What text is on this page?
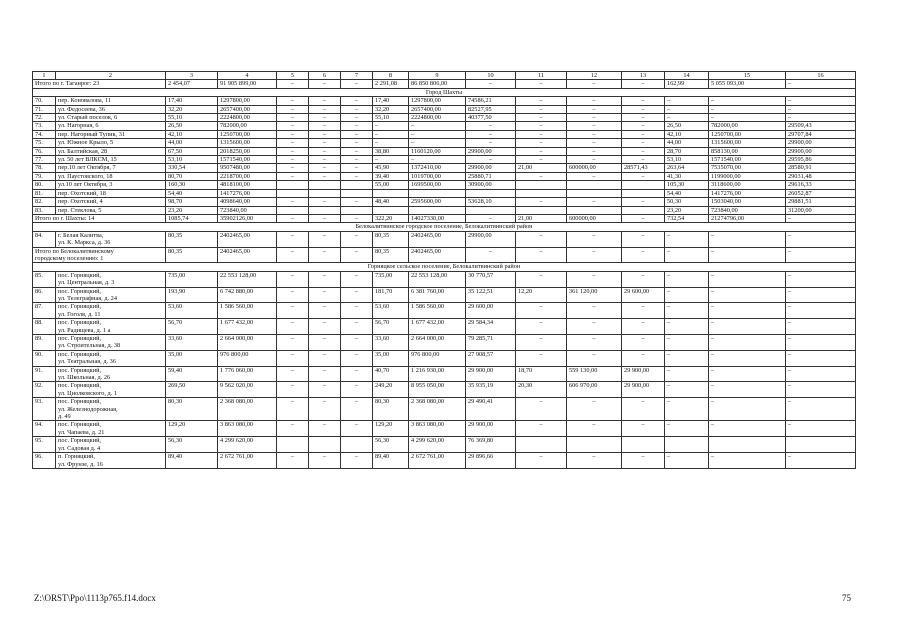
1	2	3	4	5	6	7	8	9	10	11	12	13	14	15	16
Итого по г. Таганрог: 23		2 454,07	91 905 899,00	–	–	–	2 291,08	86 850 806,00	–	–	–	–	162,99	5 055 093,00	–
Город Шахты															
70.	пер. Коновалова, 11	17,40	1297800,00	–	–	–	17,40	1297800,00	74586,21	–	–	–	–	–	–
71.	ул. Федосеева, 36	32,20	2657400,00	–	–	–	32,20	2657400,00	82527,95	–	–	–	–	–	–
72.	ул. Старый поселок, 6	55,10	2224800,00	–	–	–	55,10	2224800,00	40377,50	–	–	–	–	–	–
73.	ул. Нагорная, 6	26,50	782000,00	–	–	–	–	–	–	–	–	–	26,50	782000,00	29509,43
74.	пер. Нагорный Тупик, 31	42,10	1250700,00	–	–	–	–	–	–	–	–	–	42,10	1250700,00	29707,84
75.	ул. Южное Крыло, 5	44,00	1315600,00	–	–	–	–	–	–	–	–	–	44,00	1315600,00	29900,00
76.	ул. Балтийская, 28	67,50	2018250,00	–	–	–	38,80	1160120,00	29900,00	–	–	–	28,70	858130,00	29900,00
77.	ул. 50 лет ВЛКСМ, 15	53,10	1571540,00	–	–	–	–	–	–	–	–	–	53,10	1571540,00	29595,86
78.	пер.10 лет Октября, 7	330,54	9507480,00	–	–	–	45,90	1372410,00	29900,00	21,00	600000,00	28571,43	263,64	7535070,00	28580,91
79.	ул. Паустовского, 18	80,70	2218700,00	–	–	–	39,40	1019700,00	25880,71	–	–	–	41,30	1199000,00	29031,48
80.	ул.10 лет Октября, 3	160,30	4818100,00				55,00	1699500,00	30900,00				105,30	3118600,00	29616,33
81.	пер. Охотский, 18	54,40	1417276,00										54,40	1417276,00	26052,87
82.	пер. Охотский, 4	98,70	4098640,00	–	–	–	48,40	2595600,00	53628,10	–	–	–	50,30	1503040,00	29881,51
83.	пер. Стеклова, 5	23,20	723840,00										23,20	723840,00	31200,00
Итого по г. Шахты: 14		1085,74	35902126,00	–	–	–	322,20	14027330,00	–	21,00	600000,00	–	732,54	21274796,00	–
Белокалитвинское городское поселение, Белокалитвинский район															
84.	г. Белая Калитва,
ул. К. Маркса, д. 36	80,35	2402465,00	–	–	–	80,35	2402465,00	29900,00	–	–	–	–	–	–
Итого по Белокалитвинскому
городскому поселению: 1		80,35	2402465,00	–	–	–	80,35	2402465,00	–	–	–	–	–	–	–
Горняцкое сельское поселение, Белокалитвинский район															
85.	пос. Горняцкий,
ул. Центральная, д. 3	735,00	22 553 128,00	–	–	–	735,00	22 553 128,00	30 770,57	–	–	–	–	–	–
86.	пос. Горняцкий,
ул. Телеграфная, д. 24	193,90	6 742 880,00	–	–	–	181,70	6 381 760,00	35 122,51	12,20	361 120,00	29 600,00	–	–	–
87.	пос. Горняцкий,
ул. Гоголя, д. 11	53,60	1 586 560,00	–	–	–	53,60	1 586 560,00	29 600,00	–	–	–	–	–	–
88.	пос. Горняцкий,
ул. Радищева, д. 1 а	56,70	1 677 432,00	–	–	–	56,70	1 677 432,00	29 584,34	–	–	–	–	–	–
89.	пос. Горняцкий,
ул. Строительная, д. 38	33,60	2 664 000,00	–	–	–	33,60	2 664 000,00	79 285,71	–	–	–	–	–	–
90.	пос. Горняцкий,
ул. Театральная, д. 36	35,00	976 800,00	–	–	–	35,00	976 800,00	27 908,57	–	–	–	–	–	–
91.	пос. Горняцкий,
ул. Школьная, д. 26	59,40	1 776 060,00	–	–	–	40,70	1 216 930,00	29 900,00	18,70	559 130,00	29 900,00	–	–	–
92.	пос. Горняцкий,
ул. Циолковского, д. 1	269,50	9 562 020,00	–	–	–	249,20	8 955 050,00	35 935,19	20,30	606 970,00	29 900,00	–	–	–
93.	пос. Горняцкий,
ул. Железнодорожная,
д. 49	80,30	2 368 080,00	–	–	–	80,30	2 368 080,00	29 490,41	–	–	–	–	–	–
94.	пос. Горняцкий,
ул. Чапаева, д. 21	129,20	3 863 080,00	–	–	–	129,20	3 863 080,00	29 900,00	–	–	–	–	–	–
95.	пос. Горняцкий,
ул. Садовая д. 4	56,30	4 299 620,00				56,30	4 299 620,00	76 369,80						
96.	п. Горняцкий,
ул. Фрунзе, д. 16	89,40	2 672 761,00	–	–	–	89,40	2 672 761,00	29 896,66	–	–	–	–	–	–
Z:\ORST\Ppo\1113p765.f14.docx	75
